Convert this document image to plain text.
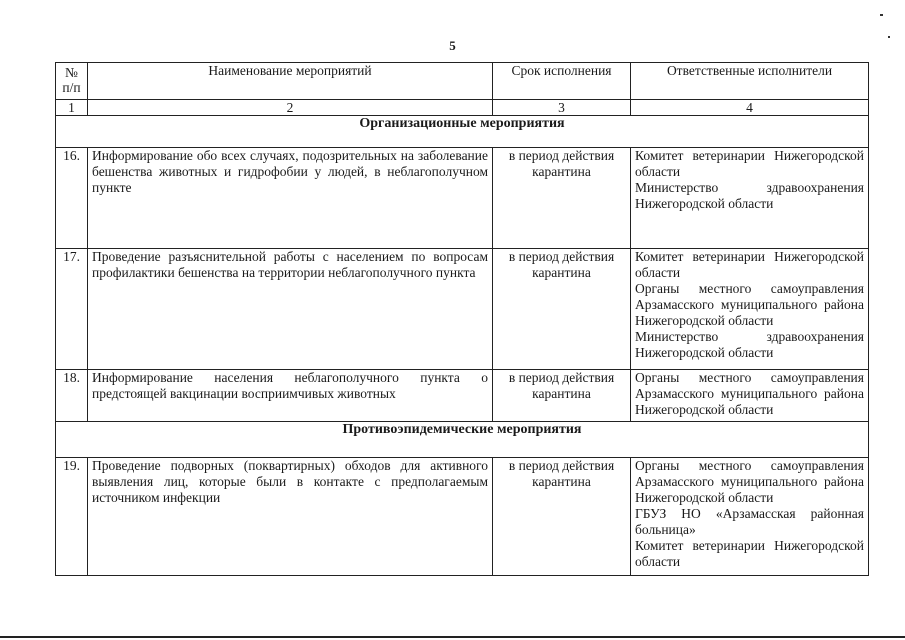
5
№ п/п	Наименование мероприятий	Срок исполнения	Ответственные исполнители
1	2	3	4
Организационные мероприятия			
16.	Информирование обо всех случаях, подозрительных на заболевание бешенства животных и гидрофобии у людей, в неблагополучном пункте	в период действия карантина	Комитет ветеринарии Нижегородской области
Министерство здравоохранения Нижегородской области

17.	Проведение разъяснительной работы с населением по вопросам профилактики бешенства на территории неблагополучного пункта	в период действия карантина	Комитет ветеринарии Нижегородской области
Органы местного самоуправления Арзамасского муниципального района Нижегородской области
Министерство здравоохранения Нижегородской области

18.	Информирование населения неблагополучного пункта о предстоящей вакцинации восприимчивых животных	в период действия карантина	Органы местного самоуправления Арзамасского муниципального района Нижегородской области

Противоэпидемические мероприятия			
19.	Проведение подворных (поквартирных) обходов для активного выявления лиц, которые были в контакте с предполагаемым источником инфекции	в период действия карантина	Органы местного самоуправления Арзамасского муниципального района Нижегородской области
ГБУЗ НО «Арзамасская районная больница»
Комитет ветеринарии Нижегородской области
